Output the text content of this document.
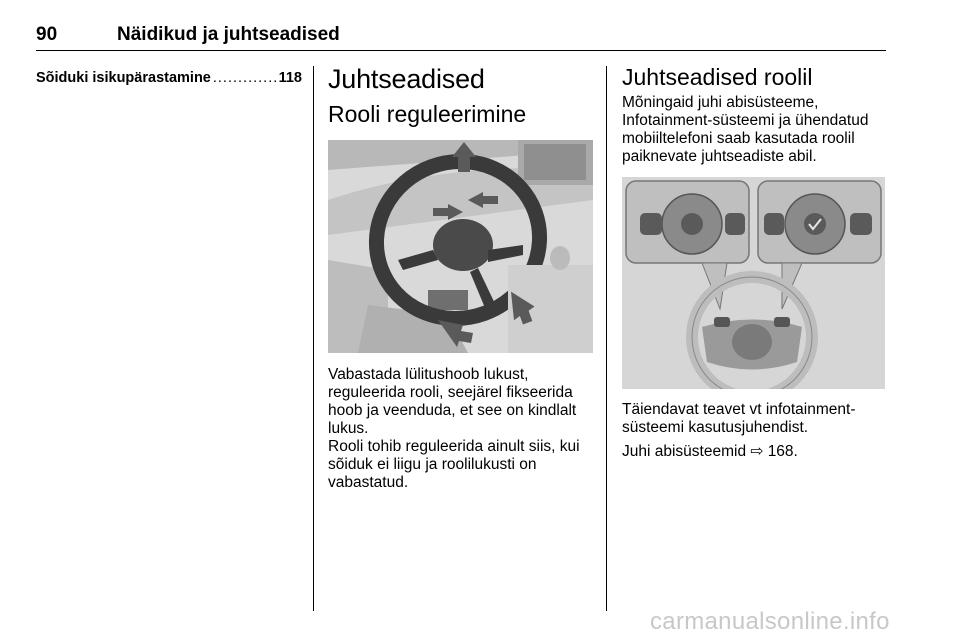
90	Näidikud ja juhtseadised
Sõiduki isikupärastamine
.....	118 Juhtseadised
Rooli reguleerimine

Vabastada lülitushoob lukust, reguleerida rooli, seejärel fikseerida hoob ja veenduda, et see on kindlalt lukus.

Rooli tohib reguleerida ainult siis, kui sõiduk ei liigu ja roolilukusti on vabastatud.

Juhtseadised roolil

Mõningaid juhi abisüsteeme, Infotainment-süsteemi ja ühendatud mobiiltelefoni saab kasutada roolil paiknevate juhtseadiste abil.

Täiendavat teavet vt infotainment-süsteemi kasutusjuhendist.

Juhi abisüsteemid ⇨ 168.

carmanualsonline.info
